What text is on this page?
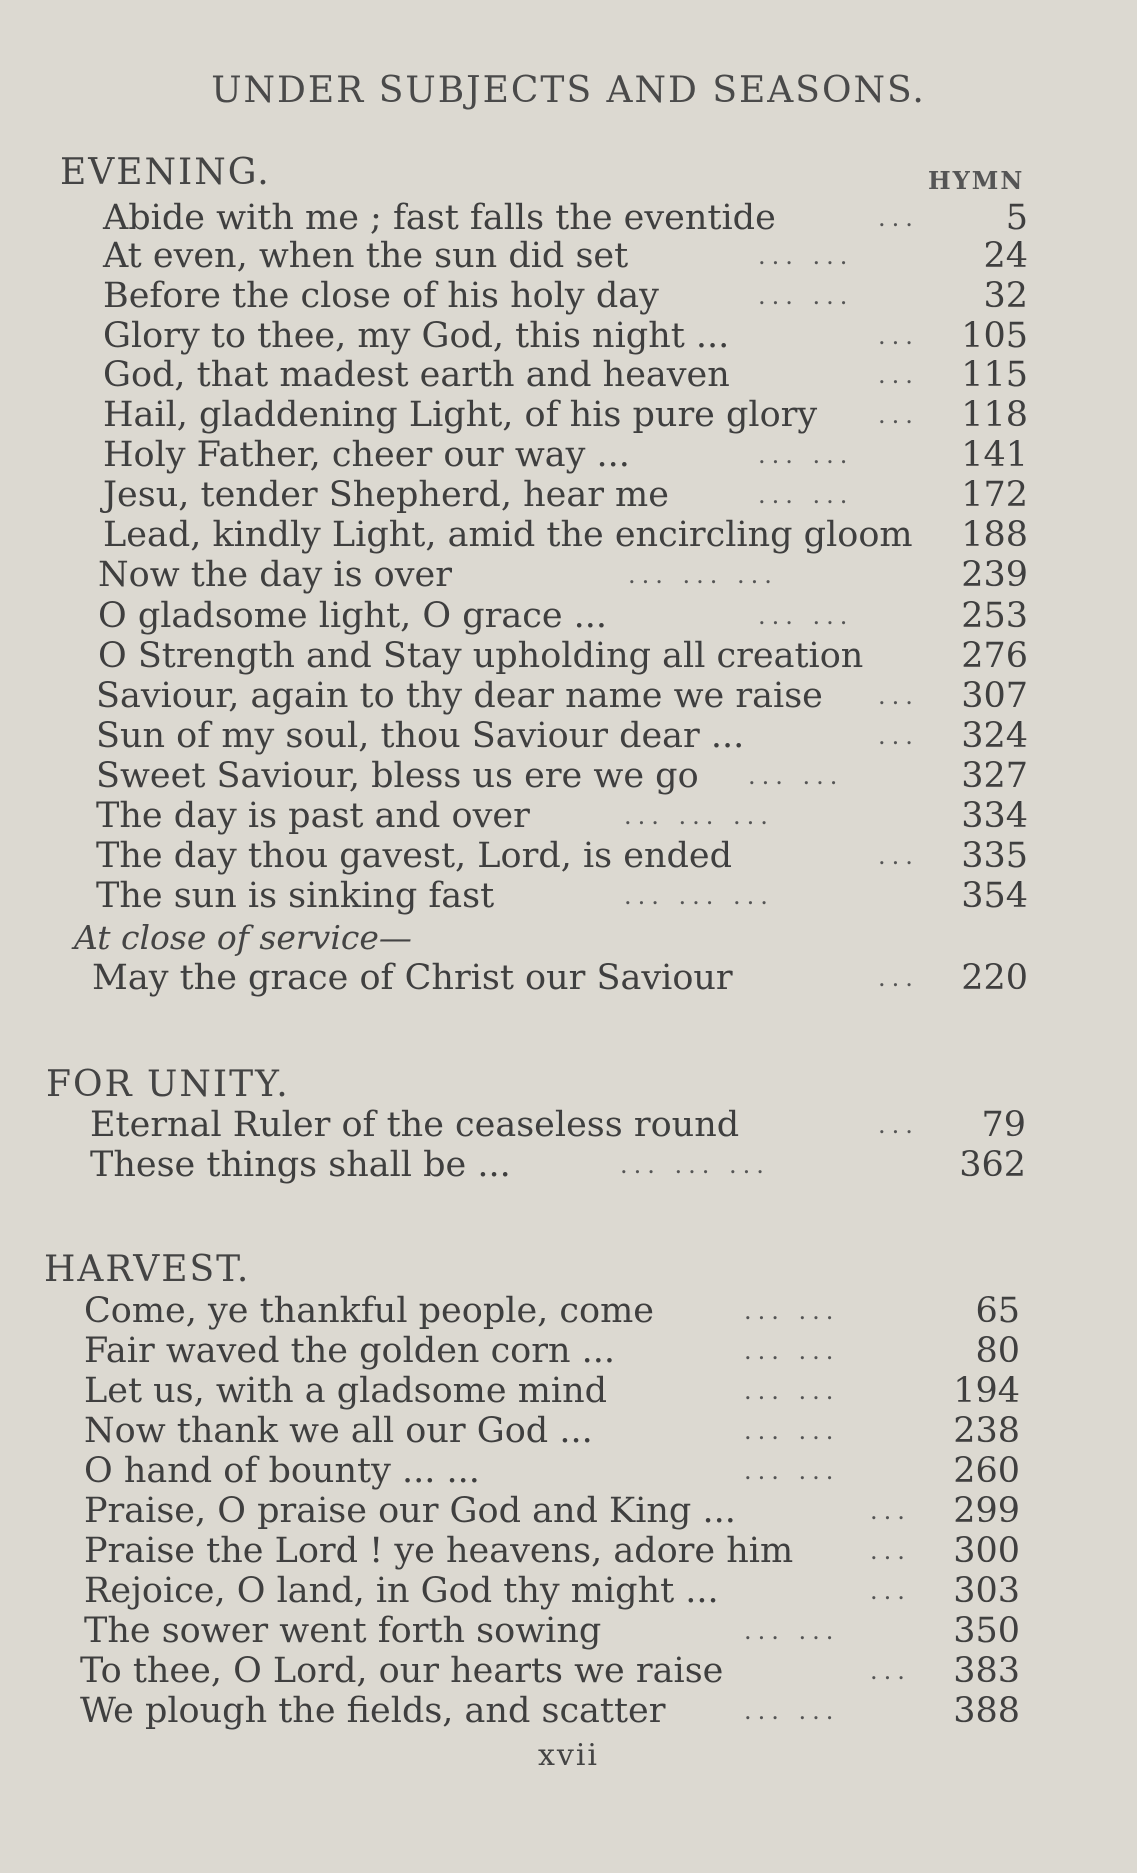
UNDER SUBJECTS AND SEASONS.
EVENING.	HYMN
Abide with me ; fast falls the eventide	... 5
At even, when the sun did set	... ...	24
Before the close of his holy day	... ...	32
Glory to thee, my God, this night ...	... 105
God, that madest earth and heaven	... 115
Hail, gladdening Light, of his pure glory	... 118
Holy Father, cheer our way ...	... ...	141
Jesu, tender Shepherd, hear me	... ...	172
Lead, kindly Light, amid the encircling gloom 188
Now the day is over	... ... ...	239
O gladsome light, O grace ...	... ...	253
O Strength and Stay upholding all creation	276
Saviour, again to thy dear name we raise ... 307
Sun of my soul, thou Saviour dear ...	... 324
Sweet Saviour, bless us ere we go ... ...	327
The day is past and over	... ... ...	334
The day thou gavest, Lord, is ended	... 335
The sun is sinking fast	... ... ...	354
At close of service—
May the grace of Christ our Saviour	... 220
FOR UNITY.
Eternal Ruler of the ceaseless round	... 79
These things shall be ...	... ... ...	362
HARVEST.
Come, ye thankful people, come	... ...	65
Fair waved the golden corn ...	... ...	80
Let us, with a gladsome mind	... ...	194
Now thank we all our God ...	... ...	238
O hand of bounty ... ...	... ...	260
Praise, O praise our God and King ...	... 299
Praise the Lord ! ye heavens, adore him	... 300
Rejoice, O land, in God thy might ...	... 303
The sower went forth sowing	... ...	350
To thee, O Lord, our hearts we raise	... 383
We plough the fields, and scatter	... ...	388
xvii
